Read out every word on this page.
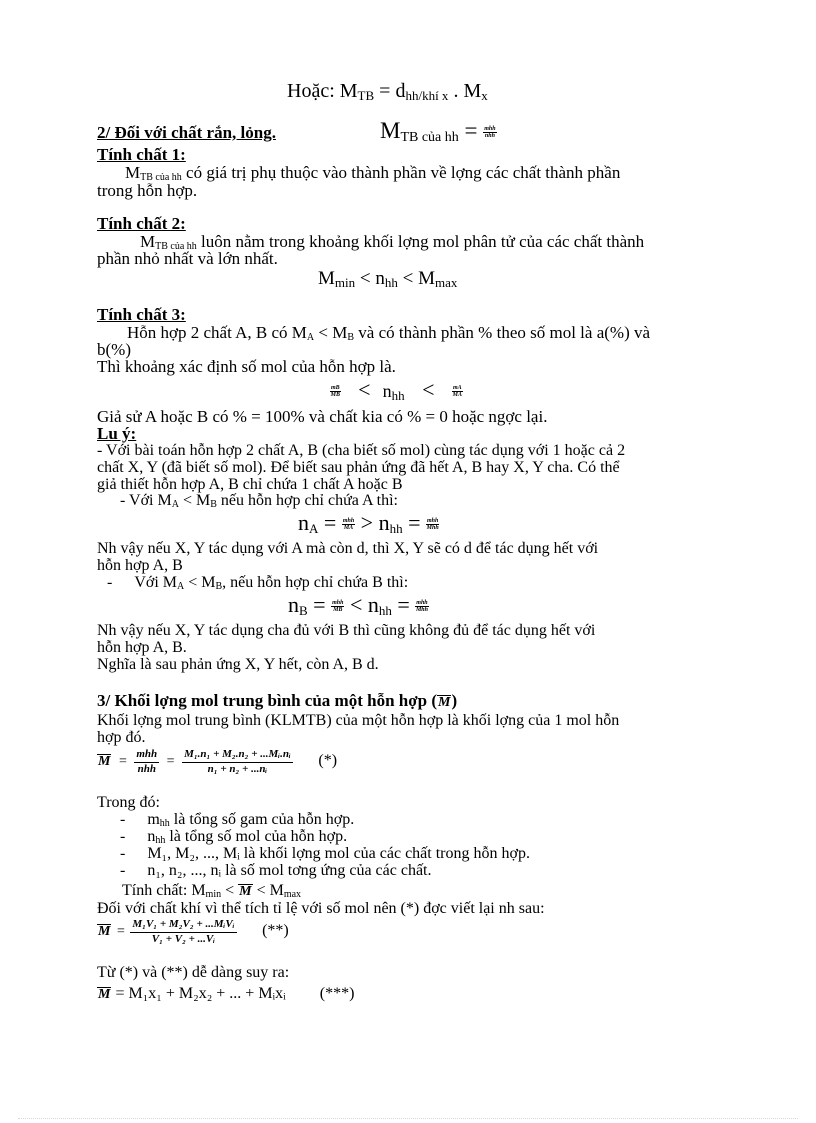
Hoặc: MTB = dhh/khí x . Mx
2/ Đối với chất rắn, lỏng.	MTB của hh = mhh
nhh
Tính chất 1:
$M_{TB của hh}$ có giá trị phụ thuộc vào thành phần về lợng các chất thành phần
trong hỗn hợp.
Tính chất 2:
$M_{TB của hh}$ luôn nằm trong khoảng khối lợng mol phân tử của các chất thành
phần nhỏ nhất và lớn nhất.
Mmin < nhh < Mmax
Tính chất 3:
Hỗn hợp 2 chất A, B có $M_A < M_B$ và có thành phần % theo số mol là a(%) và
b(%)
Thì khoảng xác định số mol của hỗn hợp là.
$\frac{mB}{MB}$ < nhh <	$\frac{mA}{MA}$
Giả sử A hoặc B có % = 100% và chất kia có % = 0 hoặc ngợc lại.
Lu ý:
- Với bài toán hỗn hợp 2 chất A, B (cha biết số mol) cùng tác dụng với 1 hoặc cả 2
chất X, Y (đã biết số mol). Để biết sau phản ứng đã hết A, B hay X, Y cha. Có thể
giả thiết hỗn hợp A, B chỉ chứa 1 chất A hoặc B
- Với $M_A < M_B$ nếu hỗn hợp chỉ chứa A thì:
nA = mhh
MA > nhh = mhh
Mhh
Nh vậy nếu X, Y tác dụng với A mà còn d, thì X, Y sẽ có d để tác dụng hết với
hỗn hợp A, B
- Với $M_A < M_B$, nếu hỗn hợp chỉ chứa B thì:
nB = mhh
MB < nhh = mhh
Mhh
Nh vậy nếu X, Y tác dụng cha đủ với B thì cũng không đủ để tác dụng hết với
hỗn hợp A, B.
Nghĩa là sau phản ứng X, Y hết, còn A, B d.
3/ Khối lợng mol trung bình của một hỗn hợp (M)
Khối lợng mol trung bình (KLMTB) của một hỗn hợp là khối lợng của 1 mol hỗn
hợp đó.
M =
mhh
nhh = $\frac{\text{M₁.n₁ + M₂.n₂ + ...Mᵢ.nᵢ}}{\text{n₁ + n₂ + ...nᵢ}}$ (*)
Trong đó:
- $m_{hh}$ là tổng số gam của hỗn hợp.
- $n_{hh}$ là tổng số mol của hỗn hợp.
- M₁, M₂, ..., Mᵢ là khối lợng mol của các chất trong hỗn hợp.
- n₁, n₂, ..., nᵢ là số mol tơng ứng của các chất.
Tính chất: $M_{min} < M < M_{max}$
Đối với chất khí vì thể tích tỉ lệ với số mol nên (*) đợc viết lại nh sau:
M =
M₁V₁ + M₂V₂ + ...MᵢVᵢ
V₁ + V₂ + ...Vᵢ	(**)
Từ (*) và (**) dễ dàng suy ra:
M = M₁x₁ + M₂x₂ + ... + Mᵢxᵢ (***)
